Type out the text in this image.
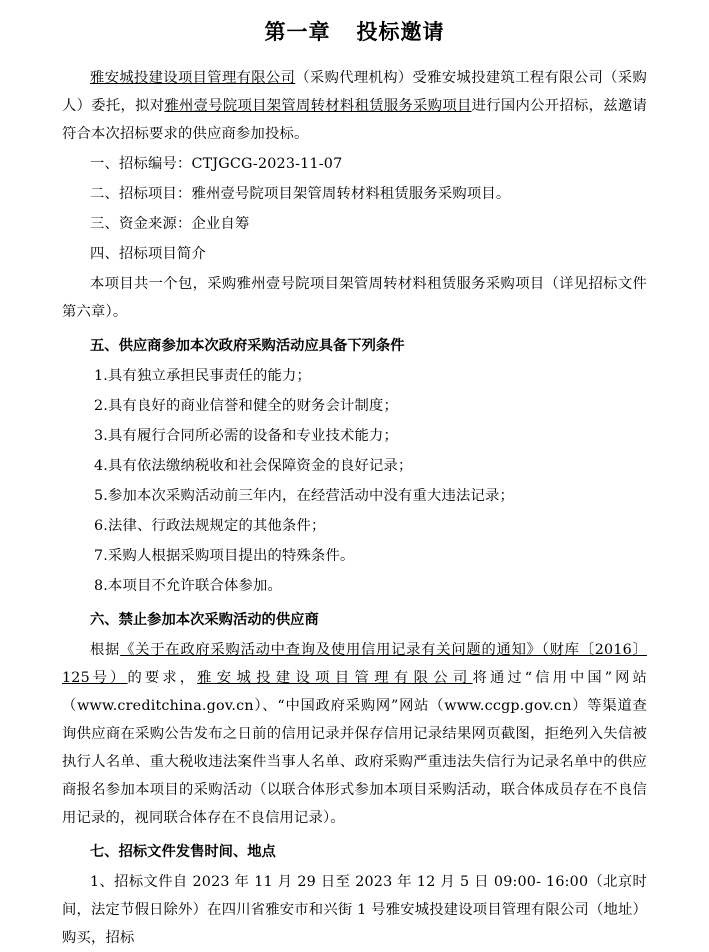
第一章 投标邀请

雅安城投建设项目管理有限公司（采购代理机构）受雅安城投建筑工程有限公司（采购人）委托，拟对雅州壹号院项目架管周转材料租赁服务采购项目进行国内公开招标，兹邀请符合本次招标要求的供应商参加投标。

一、招标编号：CTJGCG-2023-11-07

二、招标项目：雅州壹号院项目架管周转材料租赁服务采购项目。

三、资金来源：企业自筹

四、招标项目简介

本项目共一个包，采购雅州壹号院项目架管周转材料租赁服务采购项目（详见招标文件第六章）。

五、供应商参加本次政府采购活动应具备下列条件

1.具有独立承担民事责任的能力；

2.具有良好的商业信誉和健全的财务会计制度；

3.具有履行合同所必需的设备和专业技术能力；

4.具有依法缴纳税收和社会保障资金的良好记录；

5.参加本次采购活动前三年内，在经营活动中没有重大违法记录；

6.法律、行政法规规定的其他条件；

7.采购人根据采购项目提出的特殊条件。

8.本项目不允许联合体参加。

六、禁止参加本次采购活动的供应商

根据《关于在政府采购活动中查询及使用信用记录有关问题的通知》（财库〔2016〕125号）的要求，雅安城投建设项目管理有限公司将通过“信用中国”网站（www.creditchina.gov.cn）、“中国政府采购网”网站（www.ccgp.gov.cn）等渠道查询供应商在采购公告发布之日前的信用记录并保存信用记录结果网页截图，拒绝列入失信被执行人名单、重大税收违法案件当事人名单、政府采购严重违法失信行为记录名单中的供应商报名参加本项目的采购活动（以联合体形式参加本项目采购活动，联合体成员存在不良信用记录的，视同联合体存在不良信用记录）。

七、招标文件发售时间、地点

1、招标文件自 2023 年 11 月 29 日至 2023 年 12 月 5 日 09:00- 16:00（北京时间，法定节假日除外）在四川省雅安市和兴街 1 号雅安城投建设项目管理有限公司（地址）购买，招标
